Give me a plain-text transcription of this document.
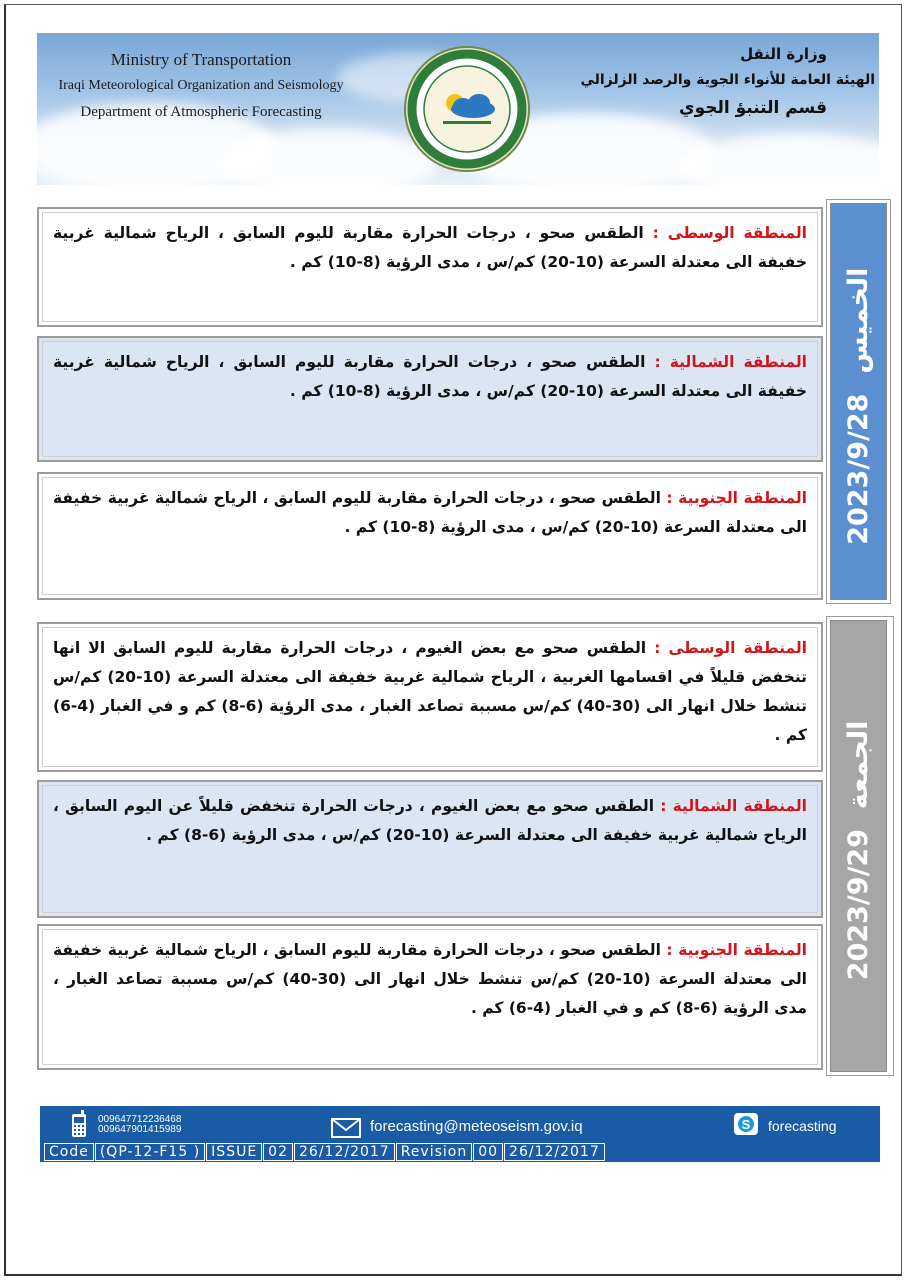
Ministry of Transportation
Iraqi Meteorological Organization and Seismology
Department of Atmospheric Forecasting
وزارة النقل
الهيئة العامة للأنواء الجوية والرصد الزلزالي
قسم التنبؤ الجوي
2023/9/28 الخميس
المنطقة الوسطى : الطقس صحو ، درجات الحرارة مقاربة لليوم السابق ، الرياح شمالية غربية خفيفة الى معتدلة السرعة (10-20) كم/س ، مدى الرؤية (8-10) كم .
المنطقة الشمالية : الطقس صحو ، درجات الحرارة مقاربة لليوم السابق ، الرياح شمالية غربية خفيفة الى معتدلة السرعة (10-20) كم/س ، مدى الرؤية (8-10) كم .
المنطقة الجنوبية : الطقس صحو ، درجات الحرارة مقاربة لليوم السابق ، الرياح شمالية غربية خفيفة الى معتدلة السرعة (10-20) كم/س ، مدى الرؤية (8-10) كم .
2023/9/29 الجمعة
المنطقة الوسطى : الطقس صحو مع بعض الغيوم ، درجات الحرارة مقاربة لليوم السابق الا انها تنخفض قليلاً في اقسامها الغربية ، الرياح شمالية غربية خفيفة الى معتدلة السرعة (10-20) كم/س تنشط خلال انهار الى (30-40) كم/س مسببة تصاعد الغبار ، مدى الرؤية (6-8) كم و في الغبار (4-6) كم .
المنطقة الشمالية : الطقس صحو مع بعض الغيوم ، درجات الحرارة تنخفض قليلاً عن اليوم السابق ، الرياح شمالية غربية خفيفة الى معتدلة السرعة (10-20) كم/س ، مدى الرؤية (6-8) كم .
المنطقة الجنوبية : الطقس صحو ، درجات الحرارة مقاربة لليوم السابق ، الرياح شمالية غربية خفيفة الى معتدلة السرعة (10-20) كم/س تنشط خلال انهار الى (30-40) كم/س مسببة تصاعد الغبار ، مدى الرؤية (6-8) كم و في الغبار (4-6) كم .
009647712236468
009647901415989	forecasting@meteoseism.gov.iq	S forecasting
Code (QP-12-F15 ) ISSUE 02 26/12/2017 Revision 00 26/12/2017
